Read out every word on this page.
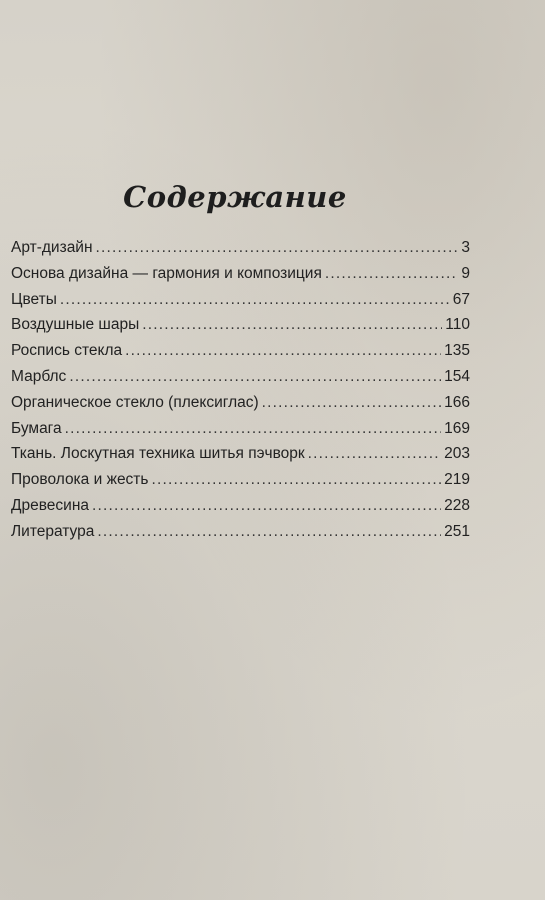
Содержание
Арт-дизайн .....	3
Основа дизайна — гармония и композиция .....	9
Цветы .....	67
Воздушные шары .....	110
Роспись стекла .....	135
Марблс .....	154
Органическое стекло (плексиглас) .....	166
Бумага .....	169
Ткань. Лоскутная техника шитья пэчворк .....	203
Проволока и жесть .....	219
Древесина .....	228
Литература .....	251
